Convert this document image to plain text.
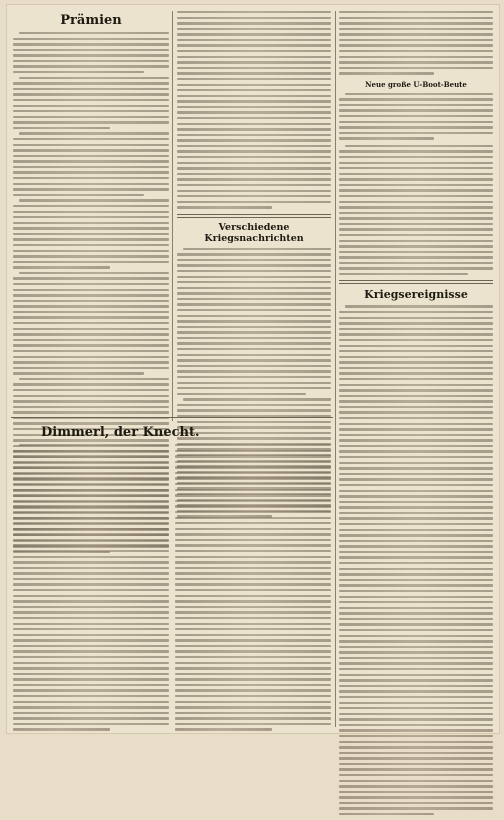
Prämien
Verschiedene Kriegsnachrichten
Neue große U-Boot-Beute
Kriegsereignisse
Dimmerl, der Knecht.
